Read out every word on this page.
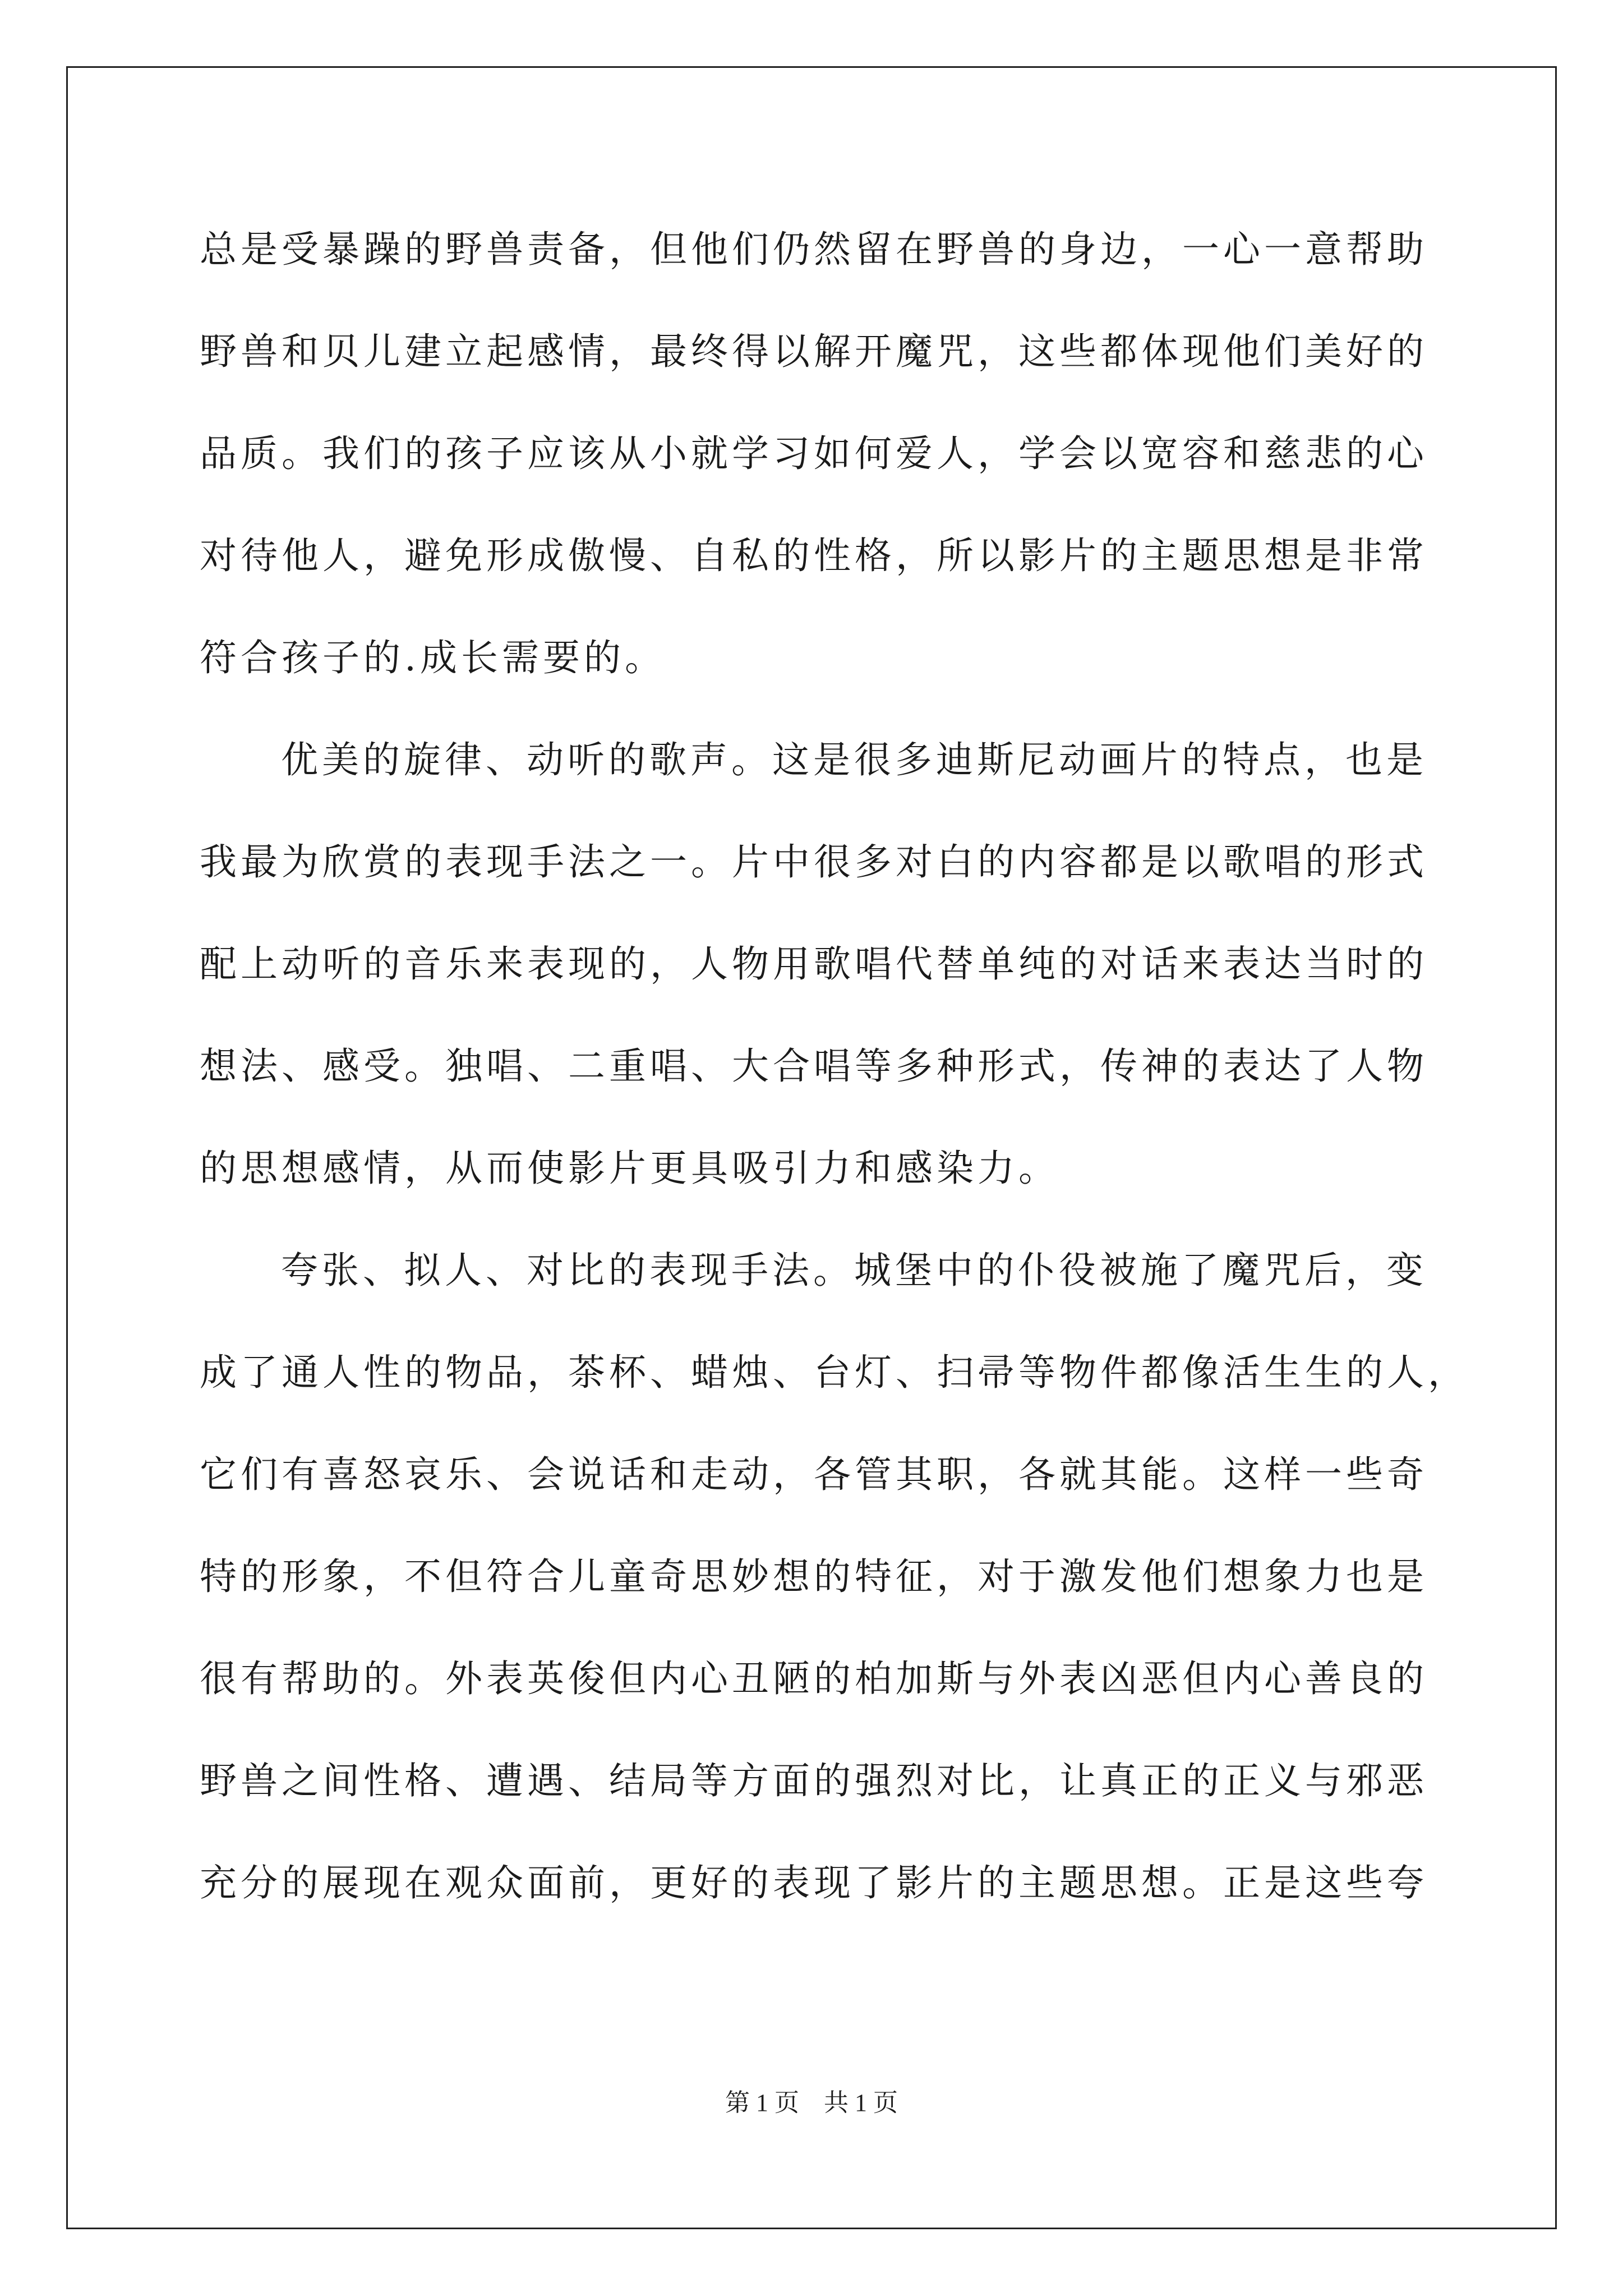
总是受暴躁的野兽责备，但他们仍然留在野兽的身边，一心一意帮助
野兽和贝儿建立起感情，最终得以解开魔咒，这些都体现他们美好的
品质。我们的孩子应该从小就学习如何爱人，学会以宽容和慈悲的心
对待他人，避免形成傲慢、自私的性格，所以影片的主题思想是非常
符合孩子的.成长需要的。
优美的旋律、动听的歌声。这是很多迪斯尼动画片的特点，也是
我最为欣赏的表现手法之一。片中很多对白的内容都是以歌唱的形式
配上动听的音乐来表现的，人物用歌唱代替单纯的对话来表达当时的
想法、感受。独唱、二重唱、大合唱等多种形式，传神的表达了人物
的思想感情，从而使影片更具吸引力和感染力。
夸张、拟人、对比的表现手法。城堡中的仆役被施了魔咒后，变
成了通人性的物品，茶杯、蜡烛、台灯、扫帚等物件都像活生生的人，
它们有喜怒哀乐、会说话和走动，各管其职，各就其能。这样一些奇
特的形象，不但符合儿童奇思妙想的特征，对于激发他们想象力也是
很有帮助的。外表英俊但内心丑陋的柏加斯与外表凶恶但内心善良的
野兽之间性格、遭遇、结局等方面的强烈对比，让真正的正义与邪恶
充分的展现在观众面前，更好的表现了影片的主题思想。正是这些夸
第 1 页　共 1 页
